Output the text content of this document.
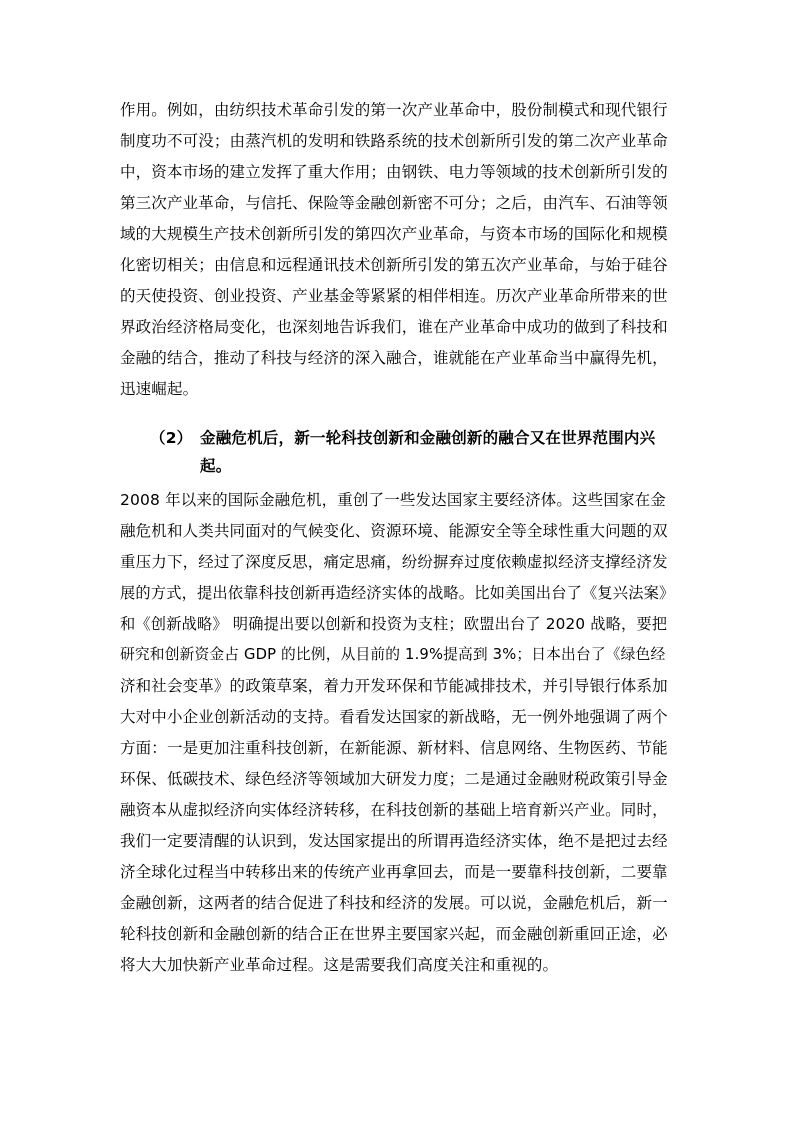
作用。例如，由纺织技术革命引发的第一次产业革命中，股份制模式和现代银行
制度功不可没；由蒸汽机的发明和铁路系统的技术创新所引发的第二次产业革命
中，资本市场的建立发挥了重大作用；由钢铁、电力等领域的技术创新所引发的
第三次产业革命，与信托、保险等金融创新密不可分；之后，由汽车、石油等领
域的大规模生产技术创新所引发的第四次产业革命，与资本市场的国际化和规模
化密切相关；由信息和远程通讯技术创新所引发的第五次产业革命，与始于硅谷
的天使投资、创业投资、产业基金等紧紧的相伴相连。历次产业革命所带来的世
界政治经济格局变化，也深刻地告诉我们，谁在产业革命中成功的做到了科技和
金融的结合，推动了科技与经济的深入融合，谁就能在产业革命当中赢得先机，
迅速崛起。
（2） 金融危机后，新一轮科技创新和金融创新的融合又在世界范围内兴
起。
2008 年以来的国际金融危机，重创了一些发达国家主要经济体。这些国家在金
融危机和人类共同面对的气候变化、资源环境、能源安全等全球性重大问题的双
重压力下，经过了深度反思，痛定思痛，纷纷摒弃过度依赖虚拟经济支撑经济发
展的方式，提出依靠科技创新再造经济实体的战略。比如美国出台了《复兴法案》
和《创新战略》 明确提出要以创新和投资为支柱；欧盟出台了 2020 战略，要把
研究和创新资金占 GDP 的比例，从目前的 1.9%提高到 3%；日本出台了《绿色经
济和社会变革》的政策草案，着力开发环保和节能减排技术，并引导银行体系加
大对中小企业创新活动的支持。看看发达国家的新战略，无一例外地强调了两个
方面：一是更加注重科技创新，在新能源、新材料、信息网络、生物医药、节能
环保、低碳技术、绿色经济等领域加大研发力度；二是通过金融财税政策引导金
融资本从虚拟经济向实体经济转移，在科技创新的基础上培育新兴产业。同时，
我们一定要清醒的认识到，发达国家提出的所谓再造经济实体，绝不是把过去经
济全球化过程当中转移出来的传统产业再拿回去，而是一要靠科技创新，二要靠
金融创新，这两者的结合促进了科技和经济的发展。可以说，金融危机后，新一
轮科技创新和金融创新的结合正在世界主要国家兴起，而金融创新重回正途，必
将大大加快新产业革命过程。这是需要我们高度关注和重视的。
